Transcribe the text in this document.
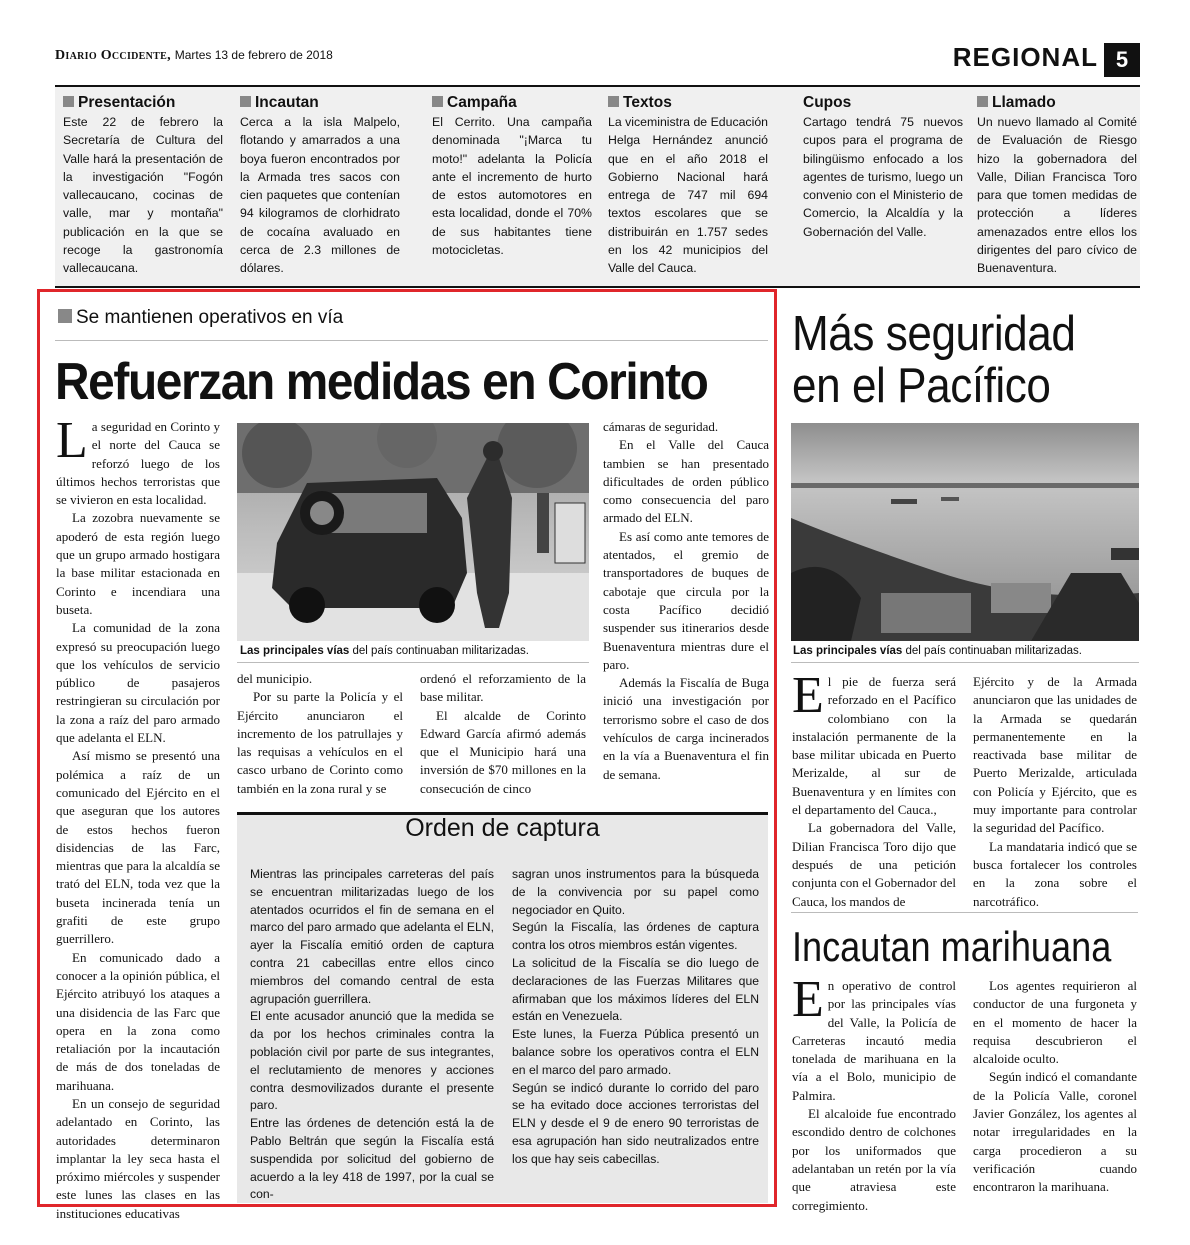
Diario Occidente, Martes 13 de febrero de 2018	REGIONAL 5
Presentación
Este 22 de febrero la Secretaría de Cultura del Valle hará la presentación de la investigación "Fogón vallecaucano, cocinas de valle, mar y montaña" publicación en la que se recoge la gastronomía vallecaucana.
Incautan
Cerca a la isla Malpelo, flotando y amarrados a una boya fueron encontrados por la Armada tres sacos con cien paquetes que contenían 94 kilogramos de clorhidrato de cocaína avaluado en cerca de 2.3 millones de dólares.
Campaña
El Cerrito. Una campaña denominada "¡Marca tu moto!" adelanta la Policía ante el incremento de hurto de estos automotores en esta localidad, donde el 70% de sus habitantes tiene motocicletas.
Textos
La viceministra de Educación Helga Hernández anunció que en el año 2018 el Gobierno Nacional hará entrega de 747 mil 694 textos escolares que se distribuirán en 1.757 sedes en los 42 municipios del Valle del Cauca.
Cupos
Cartago tendrá 75 nuevos cupos para el programa de bilingüismo enfocado a los agentes de turismo, luego un convenio con el Ministerio de Comercio, la Alcaldía y la Gobernación del Valle.
Llamado
Un nuevo llamado al Comité de Evaluación de Riesgo hizo la gobernadora del Valle, Dilian Francisca Toro para que tomen medidas de protección a líderes amenazados entre ellos los dirigentes del paro cívico de Buenaventura.
Se mantienen operativos en vía
Refuerzan medidas en Corinto

La seguridad en Corinto y el norte del Cauca se reforzó luego de los últimos hechos terroristas que se vivieron en esta localidad.

La zozobra nuevamente se apoderó de esta región luego que un grupo armado hostigara la base militar estacionada en Corinto e incendiara una buseta.

La comunidad de la zona expresó su preocupación luego que los vehículos de servicio público de pasajeros restringieran su circulación por la zona a raíz del paro armado que adelanta el ELN.

Así mismo se presentó una polémica a raíz de un comunicado del Ejército en el que aseguran que los autores de estos hechos fueron disidencias de las Farc, mientras que para la alcaldía se trató del ELN, toda vez que la buseta incinerada tenía un grafiti de este grupo guerrillero.

En comunicado dado a conocer a la opinión pública, el Ejército atribuyó los ataques a una disidencia de las Farc que opera en la zona como retaliación por la incautación de más de dos toneladas de marihuana.

En un consejo de seguridad adelantado en Corinto, las autoridades determinaron implantar la ley seca hasta el próximo miércoles y suspender este lunes las clases en las instituciones educativas

Las principales vías del país continuaban militarizadas.

del municipio.

Por su parte la Policía y el Ejército anunciaron el incremento de los patrullajes y las requisas a vehículos en el casco urbano de Corinto como también en la zona rural y se

ordenó el reforzamiento de la base militar.

El alcalde de Corinto Edward García afirmó además que el Municipio hará una inversión de $70 millones en la consecución de cinco

cámaras de seguridad.

En el Valle del Cauca tambien se han presentado dificultades de orden público como consecuencia del paro armado del ELN.

Es así como ante temores de atentados, el gremio de transportadores de buques de cabotaje que circula por la costa Pacífico decidió suspender sus itinerarios desde Buenaventura mientras dure el paro.

Además la Fiscalía de Buga inició una investigación por terrorismo sobre el caso de dos vehículos de carga incinerados en la vía a Buenaventura el fin de semana.

Orden de captura

Mientras las principales carreteras del país se encuentran militarizadas luego de los atentados ocurridos el fin de semana en el marco del paro armado que adelanta el ELN, ayer la Fiscalía emitió orden de captura contra 21 cabecillas entre ellos cinco miembros del comando central de esta agrupación guerrillera.

El ente acusador anunció que la medida se da por los hechos criminales contra la población civil por parte de sus integrantes, el reclutamiento de menores y acciones contra desmovilizados durante el presente paro.

Entre las órdenes de detención está la de Pablo Beltrán que según la Fiscalía está suspendida por solicitud del gobierno de acuerdo a la ley 418 de 1997, por la cual se con-

sagran unos instrumentos para la búsqueda de la convivencia por su papel como negociador en Quito.

Según la Fiscalía, las órdenes de captura contra los otros miembros están vigentes.

La solicitud de la Fiscalía se dio luego de declaraciones de las Fuerzas Militares que afirmaban que los máximos líderes del ELN están en Venezuela.

Este lunes, la Fuerza Pública presentó un balance sobre los operativos contra el ELN en el marco del paro armado.

Según se indicó durante lo corrido del paro se ha evitado doce acciones terroristas del ELN y desde el 9 de enero 90 terroristas de esa agrupación han sido neutralizados entre los que hay seis cabecillas.

Más seguridad
en el Pacífico
Las principales vías del país continuaban militarizadas.

El pie de fuerza será reforzado en el Pacífico colombiano con la instalación permanente de la base militar ubicada en Puerto Merizalde, al sur de Buenaventura y en límites con el departamento del Cauca.,

La gobernadora del Valle, Dilian Francisca Toro dijo que después de una petición conjunta con el Gobernador del Cauca, los mandos de

Ejército y de la Armada anunciaron que las unidades de la Armada se quedarán permanentemente en la reactivada base militar de Puerto Merizalde, articulada con Policía y Ejército, que es muy importante para controlar la seguridad del Pacífico.

La mandataria indicó que se busca fortalecer los controles en la zona sobre el narcotráfico.

Incautan marihuana

En operativo de control por las principales vías del Valle, la Policía de Carreteras incautó media tonelada de marihuana en la vía a el Bolo, municipio de Palmira.

El alcaloide fue encontrado escondido dentro de colchones por los uniformados que adelantaban un retén por la vía que atraviesa este corregimiento.

Los agentes requirieron al conductor de una furgoneta y en el momento de hacer la requisa descubrieron el alcaloide oculto.

Según indicó el comandante de la Policía Valle, coronel Javier González, los agentes al notar irregularidades en la carga procedieron a su verificación cuando encontraron la marihuana.
